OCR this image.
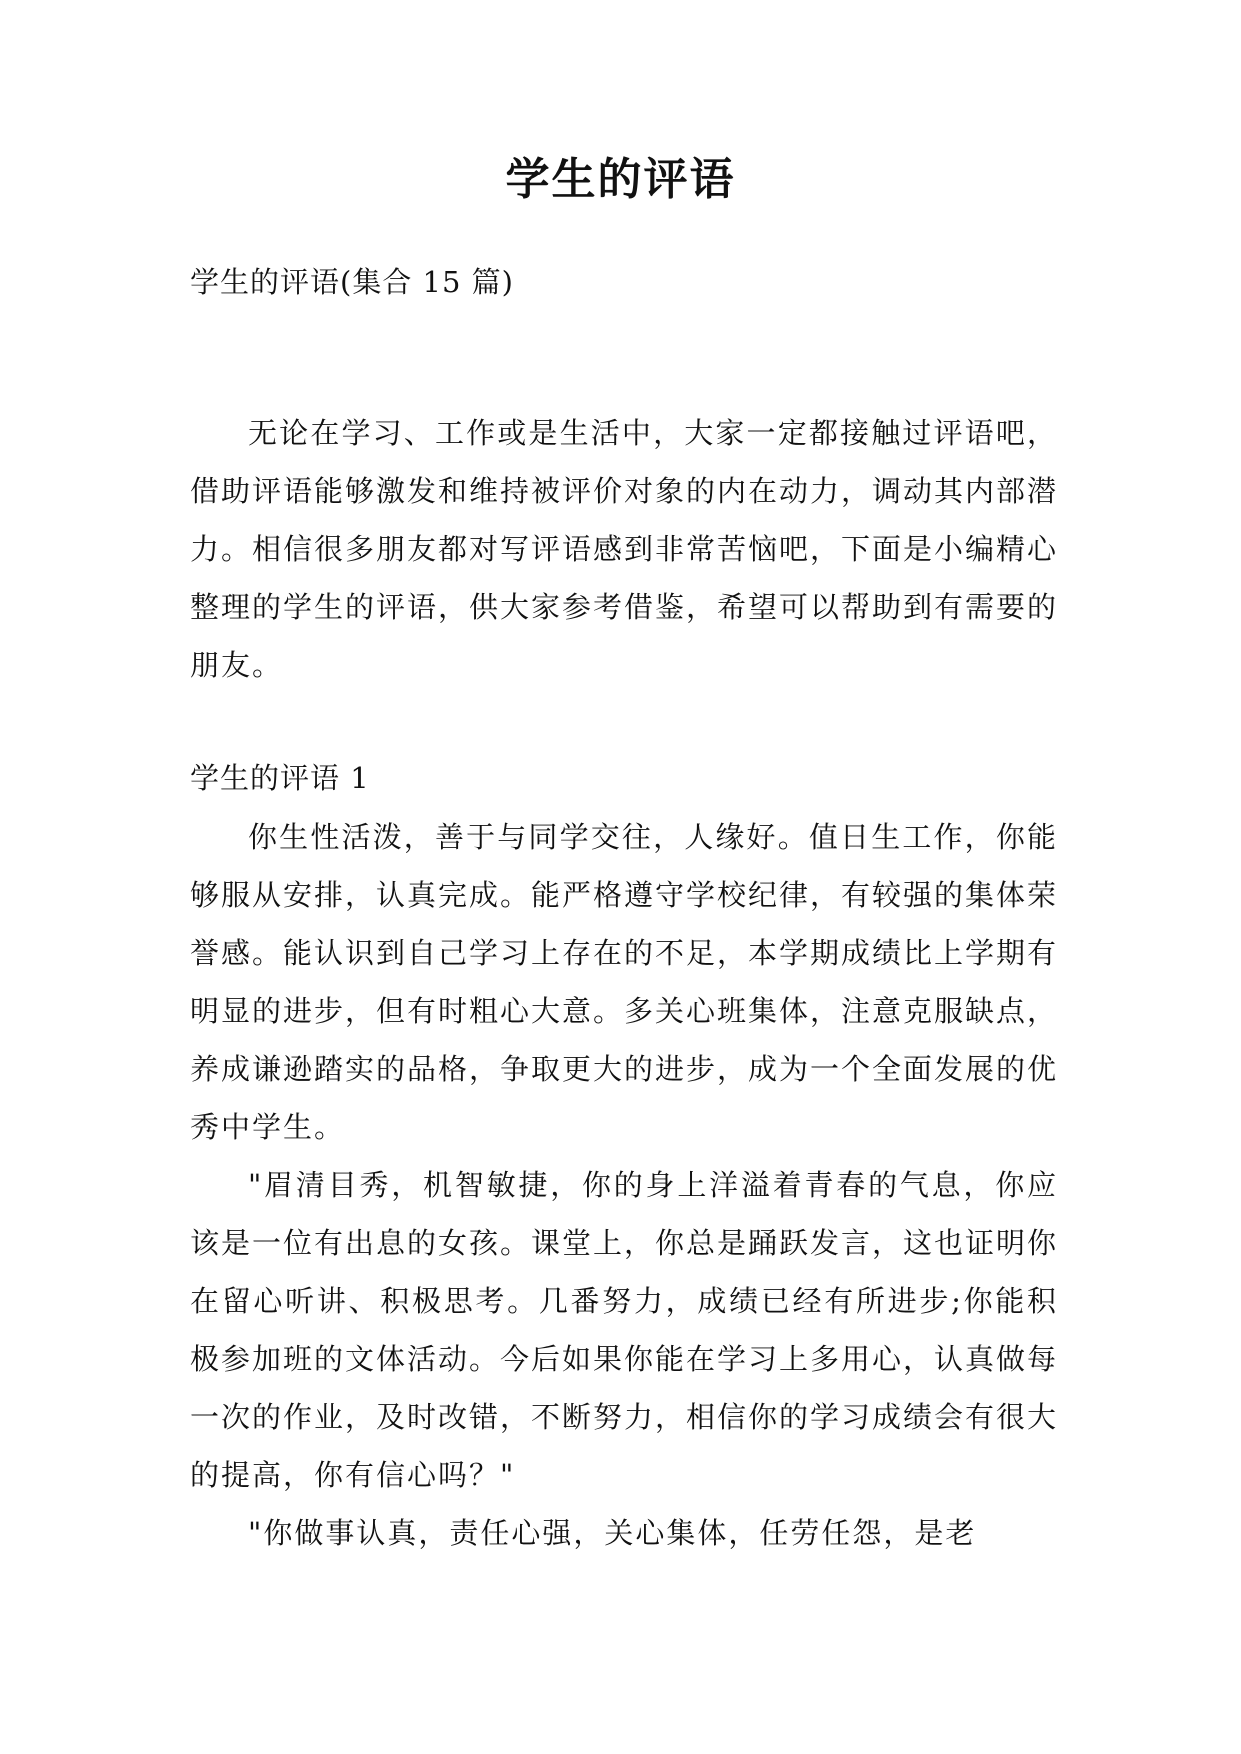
学生的评语

学生的评语(集合 15 篇)

无论在学习、工作或是生活中，大家一定都接触过评语吧，借助评语能够激发和维持被评价对象的内在动力，调动其内部潜力。相信很多朋友都对写评语感到非常苦恼吧，下面是小编精心整理的学生的评语，供大家参考借鉴，希望可以帮助到有需要的朋友。

学生的评语 1

你生性活泼，善于与同学交往，人缘好。值日生工作，你能够服从安排，认真完成。能严格遵守学校纪律，有较强的集体荣誉感。能认识到自己学习上存在的不足，本学期成绩比上学期有明显的进步，但有时粗心大意。多关心班集体，注意克服缺点，养成谦逊踏实的品格，争取更大的进步，成为一个全面发展的优秀中学生。

"眉清目秀，机智敏捷，你的身上洋溢着青春的气息，你应该是一位有出息的女孩。课堂上，你总是踊跃发言，这也证明你在留心听讲、积极思考。几番努力，成绩已经有所进步;你能积极参加班的文体活动。今后如果你能在学习上多用心，认真做每一次的作业，及时改错，不断努力，相信你的学习成绩会有很大的提高，你有信心吗？"

"你做事认真，责任心强，关心集体，任劳任怨，是老
